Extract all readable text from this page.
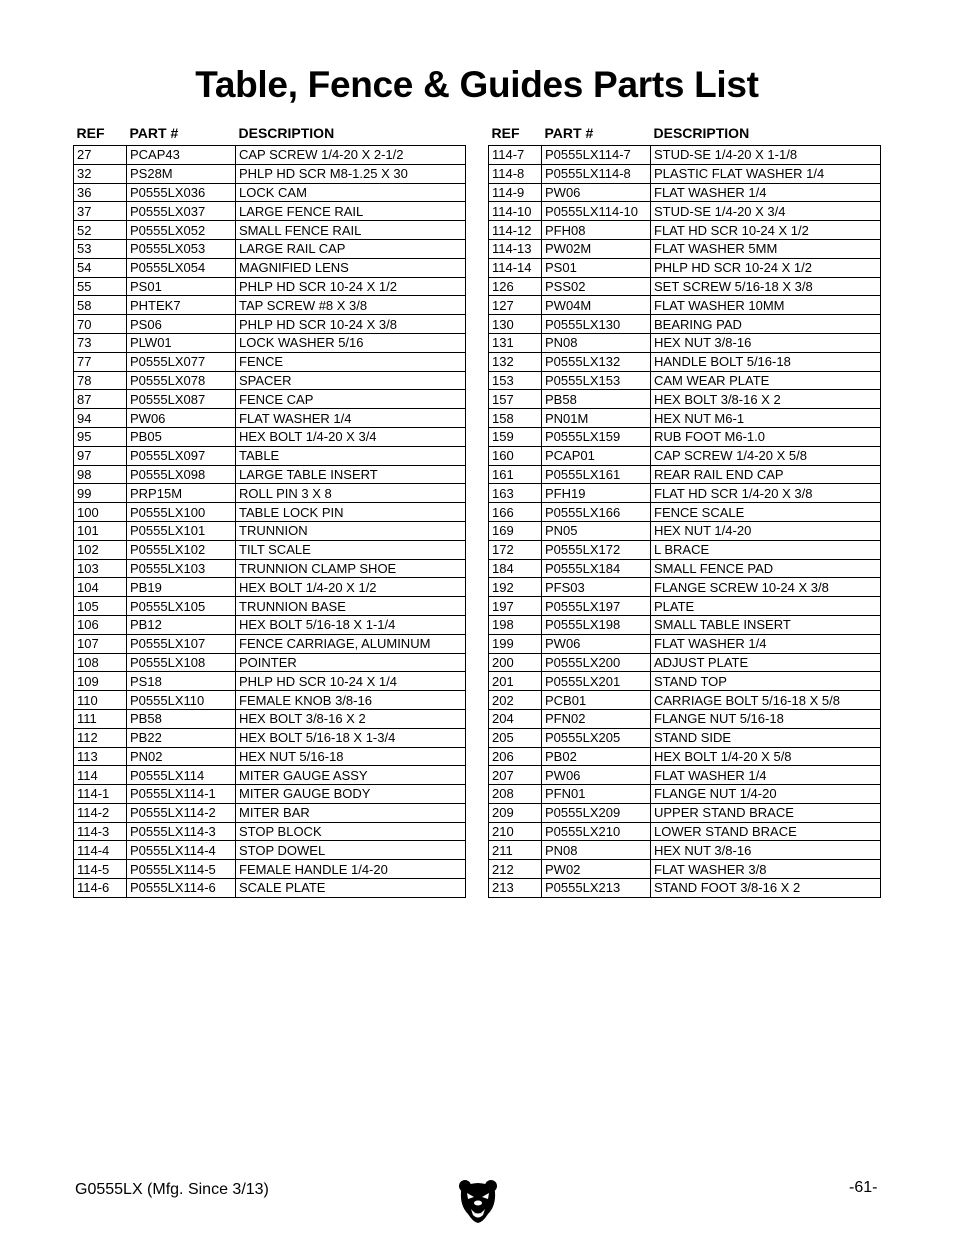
Table, Fence & Guides Parts List
REF	PART #	DESCRIPTION
27	PCAP43	CAP SCREW 1/4-20 X 2-1/2
32	PS28M	PHLP HD SCR M8-1.25 X 30
36	P0555LX036	LOCK CAM
37	P0555LX037	LARGE FENCE RAIL
52	P0555LX052	SMALL FENCE RAIL
53	P0555LX053	LARGE RAIL CAP
54	P0555LX054	MAGNIFIED LENS
55	PS01	PHLP HD SCR 10-24 X 1/2
58	PHTEK7	TAP SCREW #8 X 3/8
70	PS06	PHLP HD SCR 10-24 X 3/8
73	PLW01	LOCK WASHER 5/16
77	P0555LX077	FENCE
78	P0555LX078	SPACER
87	P0555LX087	FENCE CAP
94	PW06	FLAT WASHER 1/4
95	PB05	HEX BOLT 1/4-20 X 3/4
97	P0555LX097	TABLE
98	P0555LX098	LARGE TABLE INSERT
99	PRP15M	ROLL PIN 3 X 8
100	P0555LX100	TABLE LOCK PIN
101	P0555LX101	TRUNNION
102	P0555LX102	TILT SCALE
103	P0555LX103	TRUNNION CLAMP SHOE
104	PB19	HEX BOLT 1/4-20 X 1/2
105	P0555LX105	TRUNNION BASE
106	PB12	HEX BOLT 5/16-18 X 1-1/4
107	P0555LX107	FENCE CARRIAGE, ALUMINUM
108	P0555LX108	POINTER
109	PS18	PHLP HD SCR 10-24 X 1/4
110	P0555LX110	FEMALE KNOB 3/8-16
111	PB58	HEX BOLT 3/8-16 X 2
112	PB22	HEX BOLT 5/16-18 X 1-3/4
113	PN02	HEX NUT 5/16-18
114	P0555LX114	MITER GAUGE ASSY
114-1	P0555LX114-1	MITER GAUGE BODY
114-2	P0555LX114-2	MITER BAR
114-3	P0555LX114-3	STOP BLOCK
114-4	P0555LX114-4	STOP DOWEL
114-5	P0555LX114-5	FEMALE HANDLE 1/4-20
114-6	P0555LX114-6	SCALE PLATE
REF	PART #	DESCRIPTION
114-7	P0555LX114-7	STUD-SE 1/4-20 X 1-1/8
114-8	P0555LX114-8	PLASTIC FLAT WASHER 1/4
114-9	PW06	FLAT WASHER 1/4
114-10	P0555LX114-10	STUD-SE 1/4-20 X 3/4
114-12	PFH08	FLAT HD SCR 10-24 X 1/2
114-13	PW02M	FLAT WASHER 5MM
114-14	PS01	PHLP HD SCR 10-24 X 1/2
126	PSS02	SET SCREW 5/16-18 X 3/8
127	PW04M	FLAT WASHER 10MM
130	P0555LX130	BEARING PAD
131	PN08	HEX NUT 3/8-16
132	P0555LX132	HANDLE BOLT 5/16-18
153	P0555LX153	CAM WEAR PLATE
157	PB58	HEX BOLT 3/8-16 X 2
158	PN01M	HEX NUT M6-1
159	P0555LX159	RUB FOOT M6-1.0
160	PCAP01	CAP SCREW 1/4-20 X 5/8
161	P0555LX161	REAR RAIL END CAP
163	PFH19	FLAT HD SCR 1/4-20 X 3/8
166	P0555LX166	FENCE SCALE
169	PN05	HEX NUT 1/4-20
172	P0555LX172	L BRACE
184	P0555LX184	SMALL FENCE PAD
192	PFS03	FLANGE SCREW 10-24 X 3/8
197	P0555LX197	PLATE
198	P0555LX198	SMALL TABLE INSERT
199	PW06	FLAT WASHER 1/4
200	P0555LX200	ADJUST PLATE
201	P0555LX201	STAND TOP
202	PCB01	CARRIAGE BOLT 5/16-18 X 5/8
204	PFN02	FLANGE NUT 5/16-18
205	P0555LX205	STAND SIDE
206	PB02	HEX BOLT 1/4-20 X 5/8
207	PW06	FLAT WASHER 1/4
208	PFN01	FLANGE NUT 1/4-20
209	P0555LX209	UPPER STAND BRACE
210	P0555LX210	LOWER STAND BRACE
211	PN08	HEX NUT 3/8-16
212	PW02	FLAT WASHER 3/8
213	P0555LX213	STAND FOOT 3/8-16 X 2
G0555LX (Mfg. Since 3/13)	-61-
